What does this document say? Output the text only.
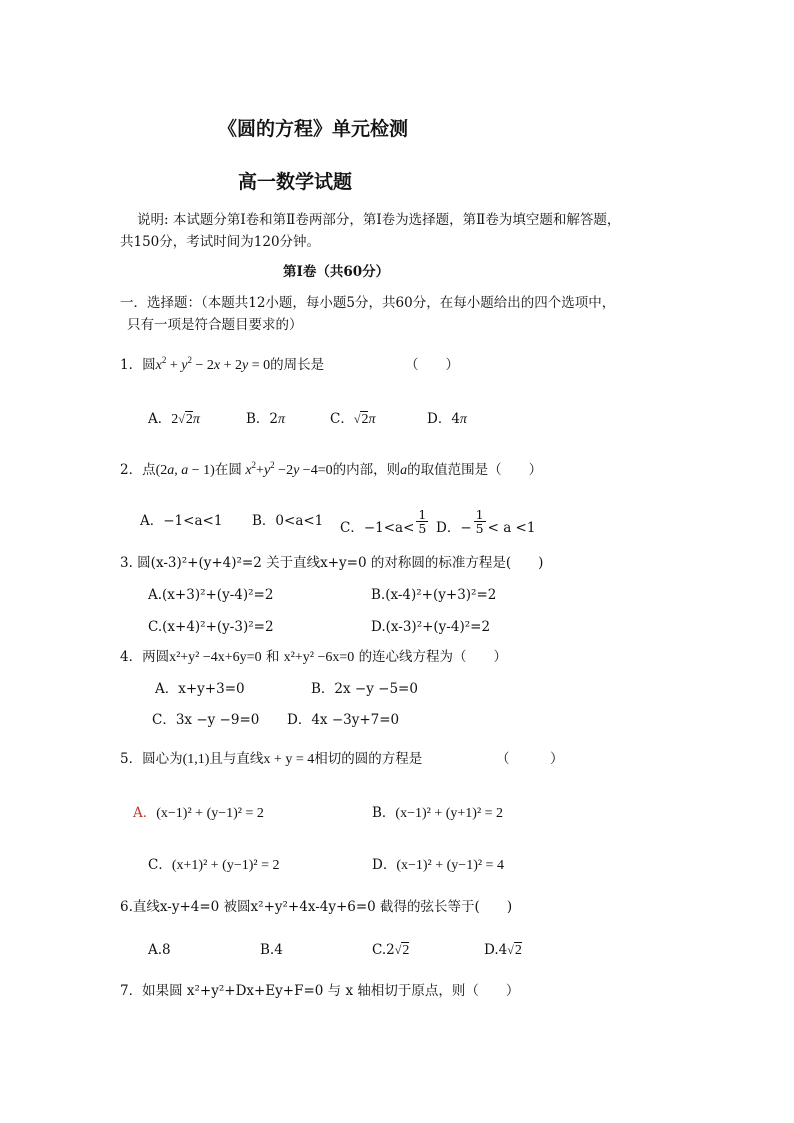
《圆的方程》单元检测
高一数学试题
说明: 本试题分第Ⅰ卷和第Ⅱ卷两部分，第Ⅰ卷为选择题，第Ⅱ卷为填空题和解答题，
共150分，考试时间为120分钟。
第Ⅰ卷（共60分）
一．选择题：（本题共12小题，每小题5分，共60分，在每小题给出的四个选项中，
只有一项是符合题目要求的）
1．圆$x^2 + y^2 - 2x + 2y = 0$的周长是	（　　）
A．2√2π	B．2π	C．√2π	D．4π
2．点(2a, a − 1)在圆 $x^2+y^2 -2y -4=0$的内部，则a的取值范围是（　　）
A．−1<a<1 B．0<a<1 C．$-1<a< \frac{1}{5}$ D．− $\frac{1}{5} < a <1$
3. 圆(x-3)²+(y+4)²=2 关于直线x+y=0 的对称圆的标准方程是(　　)
A.(x+3)²+(y-4)²=2	B.(x-4)²+(y+3)²=2
C.(x+4)²+(y-3)²=2	D.(x-3)²+(y-4)²=2
4．两圆x²+y² −4x+6y=0 和 x²+y² −6x=0 的连心线方程为（　　）
A．x+y+3=0	B．2x −y −5=0
C．3x −y −9=0 D．4x −3y+7=0
5．圆心为(1,1)且与直线x + y = 4相切的圆的方程是	（　　　）
A．(x−1)² + (y−1)² = 2	B．(x−1)² + (y+1)² = 2
C．(x+1)² + (y−1)² = 2	D．(x−1)² + (y−1)² = 4
6.直线x-y+4=0 被圆x²+y²+4x-4y+6=0 截得的弦长等于(　　)
A.8	B.4	C.2√2	D.4√2
7．如果圆 x²+y²+Dx+Ey+F=0 与 x 轴相切于原点，则（　　）
